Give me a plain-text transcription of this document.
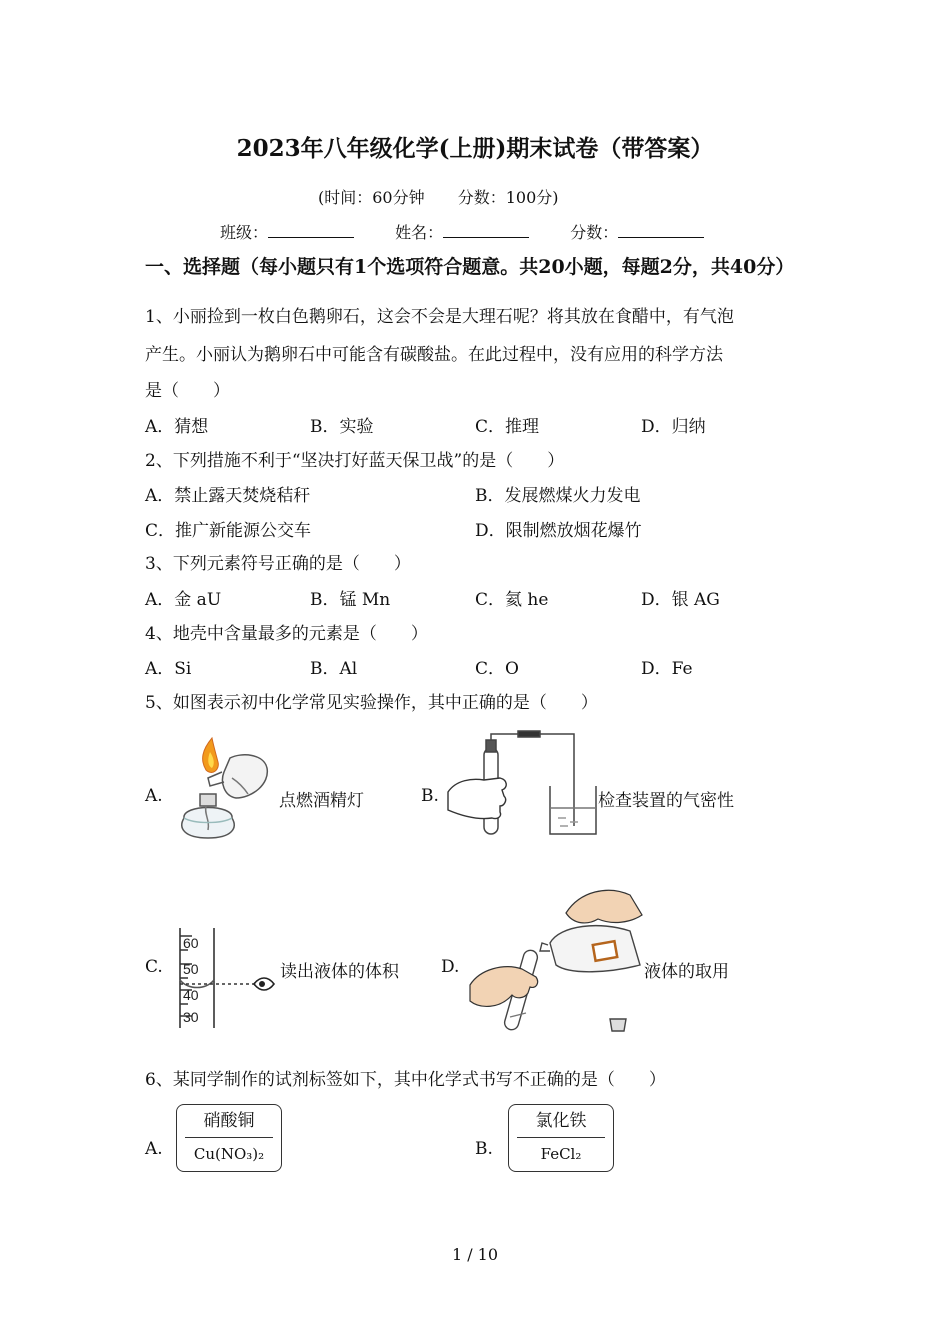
2023年八年级化学(上册)期末试卷（带答案）
(时间：60分钟 分数：100分)
班级：	姓名：	分数：
一、选择题（每小题只有1个选项符合题意。共20小题，每题2分，共40分）
1、小丽捡到一枚白色鹅卵石，这会不会是大理石呢？将其放在食醋中，有气泡
产生。小丽认为鹅卵石中可能含有碳酸盐。在此过程中，没有应用的科学方法
是（　　）
A．猜想	B．实验	C．推理	D．归纳
2、下列措施不利于“坚决打好蓝天保卫战”的是（　　）
A．禁止露天焚烧秸秆	B．发展燃煤火力发电
C．推广新能源公交车	D．限制燃放烟花爆竹
3、下列元素符号正确的是（　　）
A．金 aU	B．锰 Mn	C．氦 he	D．银 AG
4、地壳中含量最多的元素是（　　）
A．Si	B．Al	C．O	D．Fe
5、如图表示初中化学常见实验操作，其中正确的是（　　）
A.	点燃酒精灯	B.	检查装置的气密性
C.
60
50
40
30
读出液体的体积 D.	液体的取用
6、某同学制作的试剂标签如下，其中化学式书写不正确的是（　　）
A.
硝酸铜
Cu(NO₃)₂	B.
氯化铁
FeCl₂
1 / 10
